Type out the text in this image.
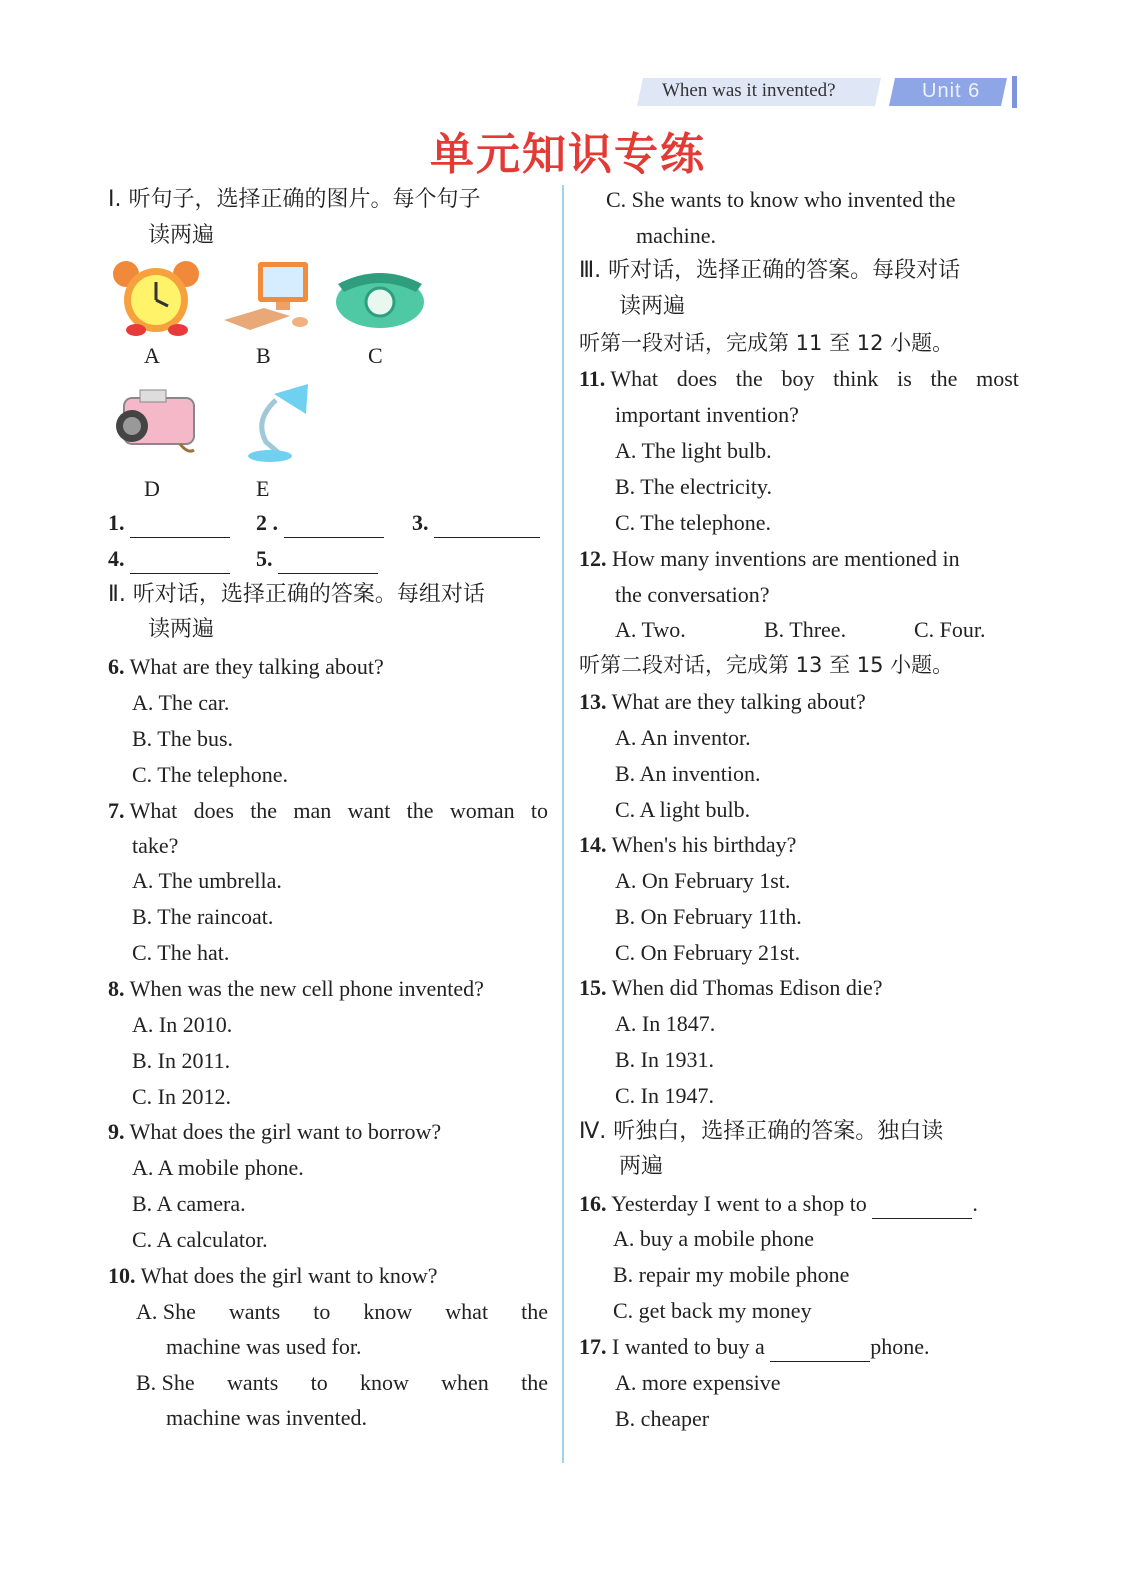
When was it invented?	Unit 6
单元知识专练
Ⅰ. 听句子，选择正确的图片。每个句子
读两遍
A	B	C
D	E
1.	2 .	3.
4.	5.
Ⅱ. 听对话，选择正确的答案。每组对话
读两遍
6. What are they talking about?
A. The car.
B. The bus.
C. The telephone.
7. What does the man want the woman to
take?
A. The umbrella.
B. The raincoat.
C. The hat.
8. When was the new cell phone invented?
A. In 2010.
B. In 2011.
C. In 2012.
9. What does the girl want to borrow?
A. A mobile phone.
B. A camera.
C. A calculator.
10. What does the girl want to know?
A. She wants to know what the
machine was used for.
B. She wants to know when the
machine was invented.
C. She wants to know who invented the
machine.
Ⅲ. 听对话，选择正确的答案。每段对话
读两遍
听第一段对话，完成第 11 至 12 小题。
11. What does the boy think is the most
important invention?
A. The light bulb.
B. The electricity.
C. The telephone.
12. How many inventions are mentioned in
the conversation?
A. Two.	B. Three.	C. Four.
听第二段对话，完成第 13 至 15 小题。
13. What are they talking about?
A. An inventor.
B. An invention.
C. A light bulb.
14. When's his birthday?
A. On February 1st.
B. On February 11th.
C. On February 21st.
15. When did Thomas Edison die?
A. In 1847.
B. In 1931.
C. In 1947.
Ⅳ. 听独白，选择正确的答案。独白读
两遍
16. Yesterday I went to a shop to	.
A. buy a mobile phone
B. repair my mobile phone
C. get back my money
17. I wanted to buy a	phone.
A. more expensive
B. cheaper
